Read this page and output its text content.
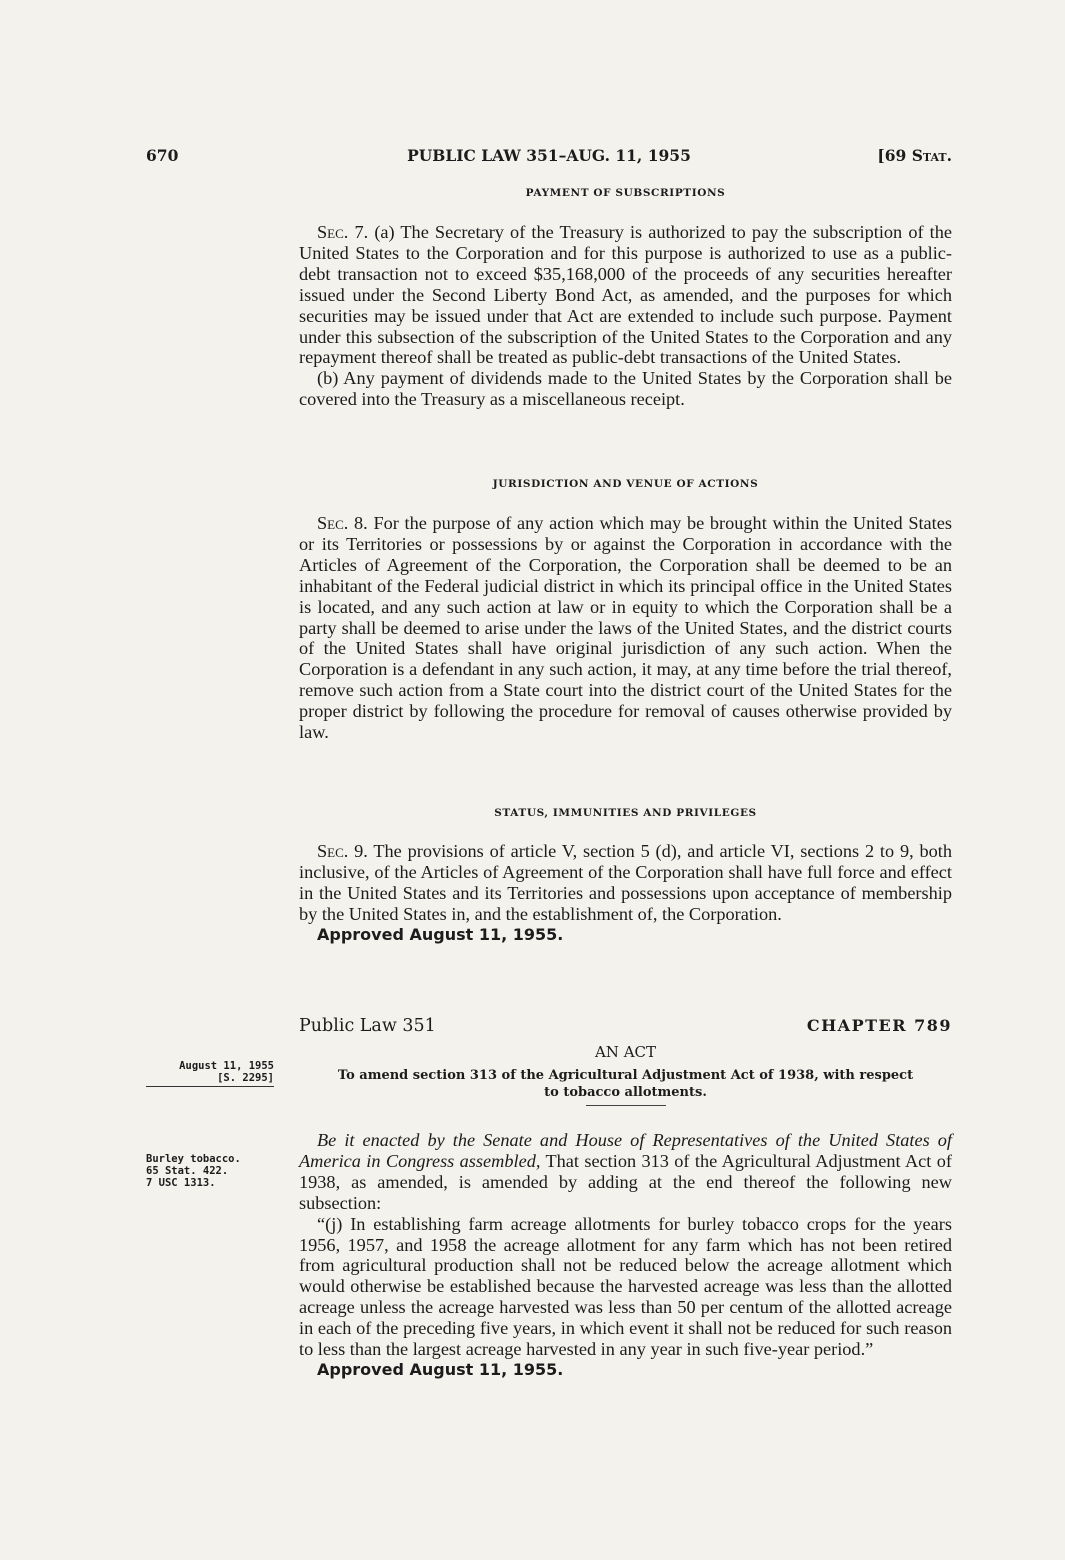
670	PUBLIC LAW 351–AUG. 11, 1955	[69 Stat.
PAYMENT OF SUBSCRIPTIONS

Sec. 7. (a) The Secretary of the Treasury is authorized to pay the subscription of the United States to the Corporation and for this purpose is authorized to use as a public-debt transaction not to exceed $35,168,000 of the proceeds of any securities hereafter issued under the Second Liberty Bond Act, as amended, and the purposes for which securities may be issued under that Act are extended to include such purpose. Payment under this subsection of the subscription of the United States to the Corporation and any repayment thereof shall be treated as public-debt transactions of the United States.

(b) Any payment of dividends made to the United States by the Corporation shall be covered into the Treasury as a miscellaneous receipt.

JURISDICTION AND VENUE OF ACTIONS

Sec. 8. For the purpose of any action which may be brought within the United States or its Territories or possessions by or against the Corporation in accordance with the Articles of Agreement of the Corporation, the Corporation shall be deemed to be an inhabitant of the Federal judicial district in which its principal office in the United States is located, and any such action at law or in equity to which the Corporation shall be a party shall be deemed to arise under the laws of the United States, and the district courts of the United States shall have original jurisdiction of any such action. When the Corporation is a defendant in any such action, it may, at any time before the trial thereof, remove such action from a State court into the district court of the United States for the proper district by following the procedure for removal of causes otherwise provided by law.

STATUS, IMMUNITIES AND PRIVILEGES

Sec. 9. The provisions of article V, section 5 (d), and article VI, sections 2 to 9, both inclusive, of the Articles of Agreement of the Corporation shall have full force and effect in the United States and its Territories and possessions upon acceptance of membership by the United States in, and the establishment of, the Corporation.

Approved August 11, 1955.

Public Law 351	CHAPTER 789
AN ACT
To amend section 313 of the Agricultural Adjustment Act of 1938, with respect
to tobacco allotments.
August 11, 1955
[S. 2295]
Burley tobacco.
65 Stat. 422.
7 USC 1313.

Be it enacted by the Senate and House of Representatives of the United States of America in Congress assembled, That section 313 of the Agricultural Adjustment Act of 1938, as amended, is amended by adding at the end thereof the following new subsection:

“(j) In establishing farm acreage allotments for burley tobacco crops for the years 1956, 1957, and 1958 the acreage allotment for any farm which has not been retired from agricultural production shall not be reduced below the acreage allotment which would otherwise be established because the harvested acreage was less than the allotted acreage unless the acreage harvested was less than 50 per centum of the allotted acreage in each of the preceding five years, in which event it shall not be reduced for such reason to less than the largest acreage harvested in any year in such five-year period.”

Approved August 11, 1955.
